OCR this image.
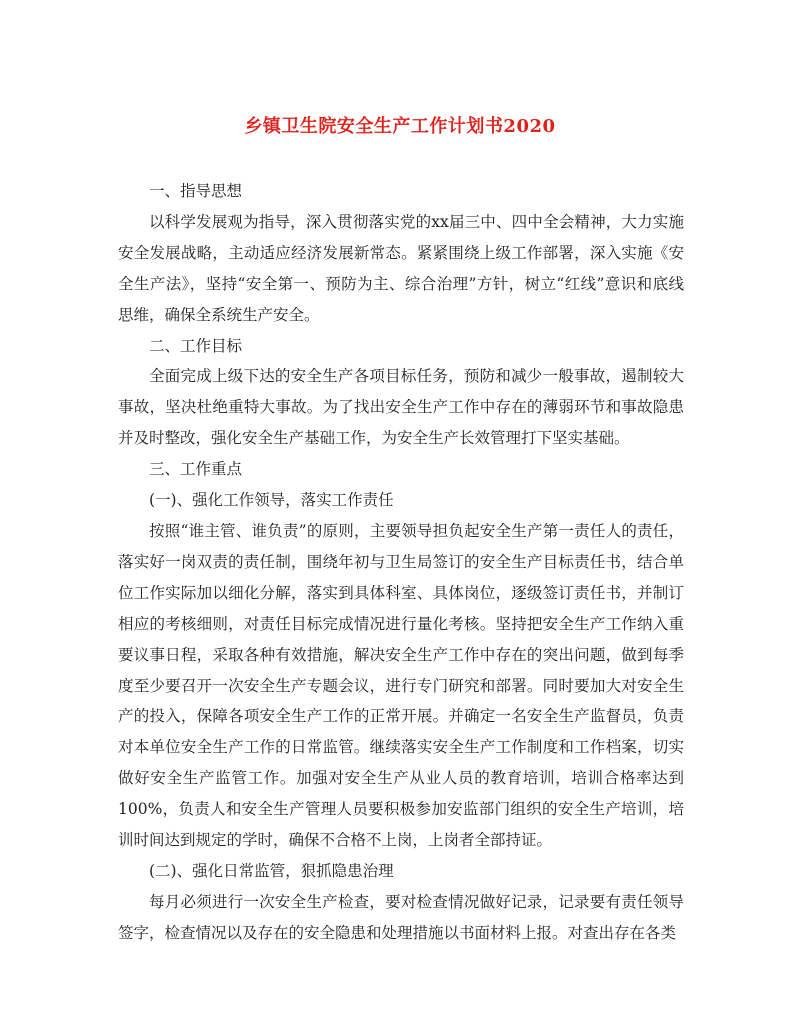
乡镇卫生院安全生产工作计划书2020

一、指导思想

以科学发展观为指导，深入贯彻落实党的xx届三中、四中全会精神，大力实施安全发展战略，主动适应经济发展新常态。紧紧围绕上级工作部署，深入实施《安全生产法》，坚持“安全第一、预防为主、综合治理”方针，树立“红线”意识和底线思维，确保全系统生产安全。

二、工作目标

全面完成上级下达的安全生产各项目标任务，预防和减少一般事故，遏制较大事故，坚决杜绝重特大事故。为了找出安全生产工作中存在的薄弱环节和事故隐患并及时整改，强化安全生产基础工作，为安全生产长效管理打下坚实基础。

三、工作重点

(一)、强化工作领导，落实工作责任

按照“谁主管、谁负责”的原则，主要领导担负起安全生产第一责任人的责任，落实好一岗双责的责任制，围绕年初与卫生局签订的安全生产目标责任书，结合单位工作实际加以细化分解，落实到具体科室、具体岗位，逐级签订责任书，并制订相应的考核细则，对责任目标完成情况进行量化考核。坚持把安全生产工作纳入重要议事日程，采取各种有效措施，解决安全生产工作中存在的突出问题，做到每季度至少要召开一次安全生产专题会议，进行专门研究和部署。同时要加大对安全生产的投入，保障各项安全生产工作的正常开展。并确定一名安全生产监督员，负责对本单位安全生产工作的日常监管。继续落实安全生产工作制度和工作档案，切实做好安全生产监管工作。加强对安全生产从业人员的教育培训，培训合格率达到100%，负责人和安全生产管理人员要积极参加安监部门组织的安全生产培训，培训时间达到规定的学时，确保不合格不上岗，上岗者全部持证。

(二)、强化日常监管，狠抓隐患治理

每月必须进行一次安全生产检查，要对检查情况做好记录，记录要有责任领导签字，检查情况以及存在的安全隐患和处理措施以书面材料上报。对查出存在各类
